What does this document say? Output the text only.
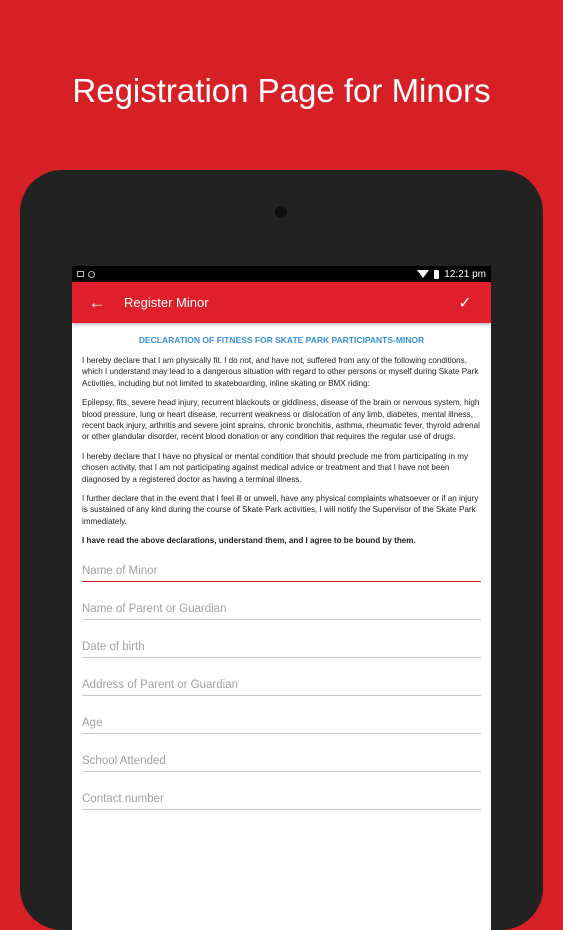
Registration Page for Minors
12:21 pm
← Register Minor	✓
DECLARATION OF FITNESS FOR SKATE PARK PARTICIPANTS-MINOR

I hereby declare that I am physically fit. I do not, and have not, suffered from any of the following conditions, which I understand may lead to a dangerous situation with regard to other persons or myself during Skate Park Activities, including but not limited to skateboarding, inline skating or BMX riding:

Epilepsy, fits, severe head injury, recurrent blackouts or giddiness, disease of the brain or nervous system, high blood pressure, lung or heart disease, recurrent weakness or dislocation of any limb, diabetes, mental illness, recent back injury, arthritis and severe joint sprains, chronic bronchitis, asthma, rheumatic fever, thyroid adrenal or other glandular disorder, recent blood donation or any condition that requires the regular use of drugs.

I hereby declare that I have no physical or mental condition that should preclude me from participating in my chosen activity, that I am not participating against medical advice or treatment and that I have not been diagnosed by a registered doctor as having a terminal illness.

I further declare that in the event that I feel ill or unwell, have any physical complaints whatsoever or if an injury is sustained of any kind during the course of Skate Park activities, I will notify the Supervisor of the Skate Park immediately.

I have read the above declarations, understand them, and I agree to be bound by them.

Name of Minor
Name of Parent or Guardian
Date of birth
Address of Parent or Guardian
Age
School Attended
Contact number
